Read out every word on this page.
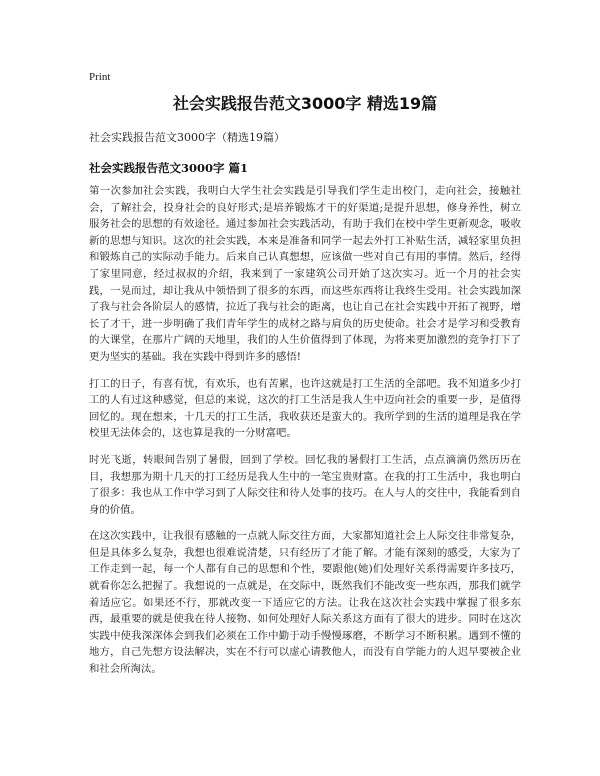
Print
社会实践报告范文3000字 精选19篇
社会实践报告范文3000字（精选19篇）
社会实践报告范文3000字 篇1

第一次参加社会实践，我明白大学生社会实践是引导我们学生走出校门，走向社会，接触社会，了解社会，投身社会的良好形式;是培养锻炼才干的好渠道;是提升思想，修身养性，树立服务社会的思想的有效途径。通过参加社会实践活动，有助于我们在校中学生更新观念，吸收新的思想与知识。这次的社会实践，本来是准备和同学一起去外打工补贴生活，减轻家里负担和锻炼自己的实际动手能力。后来自己认真想想，应该做一些对自己有用的事情。然后，经得了家里同意，经过叔叔的介绍，我来到了一家建筑公司开始了这次实习。近一个月的社会实践，一晃而过，却让我从中领悟到了很多的东西，而这些东西将让我终生受用。社会实践加深了我与社会各阶层人的感情，拉近了我与社会的距离，也让自己在社会实践中开拓了视野，增长了才干，进一步明确了我们青年学生的成材之路与肩负的历史使命。社会才是学习和受教育的大课堂，在那片广阔的天地里，我们的人生价值得到了体现，为将来更加激烈的竞争打下了更为坚实的基础。我在实践中得到许多的感悟!

打工的日子，有喜有忧，有欢乐，也有苦累，也许这就是打工生活的全部吧。我不知道多少打工的人有过这种感觉，但总的来说，这次的打工生活是我人生中迈向社会的重要一步，是值得回忆的。现在想来，十几天的打工生活，我收获还是蛮大的。我所学到的生活的道理是我在学校里无法体会的，这也算是我的一分财富吧。

时光飞逝，转眼间告别了暑假，回到了学校。回忆我的暑假打工生活，点点滴滴仍然历历在目，我想那为期十几天的打工经历是我人生中的一笔宝贵财富。在我的打工生活中，我也明白了很多：我也从工作中学习到了人际交往和待人处事的技巧。在人与人的交往中，我能看到自身的价值。

在这次实践中，让我很有感触的一点就人际交往方面，大家都知道社会上人际交往非常复杂，但是具体多么复杂，我想也很难说清楚，只有经历了才能了解。才能有深刻的感受，大家为了工作走到一起，每一个人都有自己的思想和个性，要跟他(她)们处理好关系得需要许多技巧，就看你怎么把握了。我想说的一点就是，在交际中，既然我们不能改变一些东西，那我们就学着适应它。如果还不行，那就改变一下适应它的方法。让我在这次社会实践中掌握了很多东西，最重要的就是使我在待人接物、如何处理好人际关系这方面有了很大的进步。同时在这次实践中使我深深体会到我们必须在工作中勤于动手慢慢琢磨，不断学习不断积累。遇到不懂的地方，自己先想方设法解决，实在不行可以虚心请教他人，而没有自学能力的人迟早要被企业和社会所淘汰。
